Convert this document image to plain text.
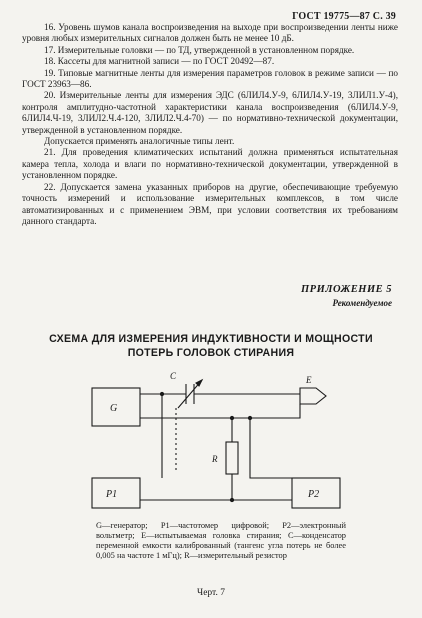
ГОСТ 19775—87 С. 39

16. Уровень шумов канала воспроизведения на выходе при воспроизведении ленты ниже уровня любых измерительных сигналов должен быть не менее 10 дБ.

17. Измерительные головки — по ТД, утвержденной в установленном порядке.

18. Кассеты для магнитной записи — по ГОСТ 20492—87.

19. Типовые магнитные ленты для измерения параметров головок в режиме записи — по ГОСТ 23963—86.

20. Измерительные ленты для измерения ЭДС (6ЛИЛ4.У-9, 6ЛИЛ4.У-19, 3ЛИЛ1.У-4), контроля амплитудно-частотной характеристики канала воспроизведения (6ЛИЛ4.У-9, 6ЛИЛ4.Ч-19, 3ЛИЛ2.Ч.4-120, 3ЛИЛ2.Ч.4-70) — по нормативно-технической документации, утвержденной в установленном порядке.

Допускается применять аналогичные типы лент.

21. Для проведения климатических испытаний должна применяться испытательная камера тепла, холода и влаги по нормативно-технической документации, утвержденной в установленном порядке.

22. Допускается замена указанных приборов на другие, обеспечивающие требуемую точность измерений и использование измерительных комплексов, в том числе автоматизированных и с применением ЭВМ, при условии соответствия их требованиям данного стандарта.

ПРИЛОЖЕНИЕ 5
Рекомендуемое
СХЕМА ДЛЯ ИЗМЕРЕНИЯ ИНДУКТИВНОСТИ И МОЩНОСТИ
ПОТЕРЬ ГОЛОВОК СТИРАНИЯ
G
P1	P2
C	E
R
G—генератор; P1—частотомер цифровой; P2—электронный вольтметр; E—испытываемая головка стирания; C—конденсатор переменной емкости калиброванный (тангенс угла потерь не более 0,005 на частоте 1 мГц); R—измерительный резистор
Черт. 7
